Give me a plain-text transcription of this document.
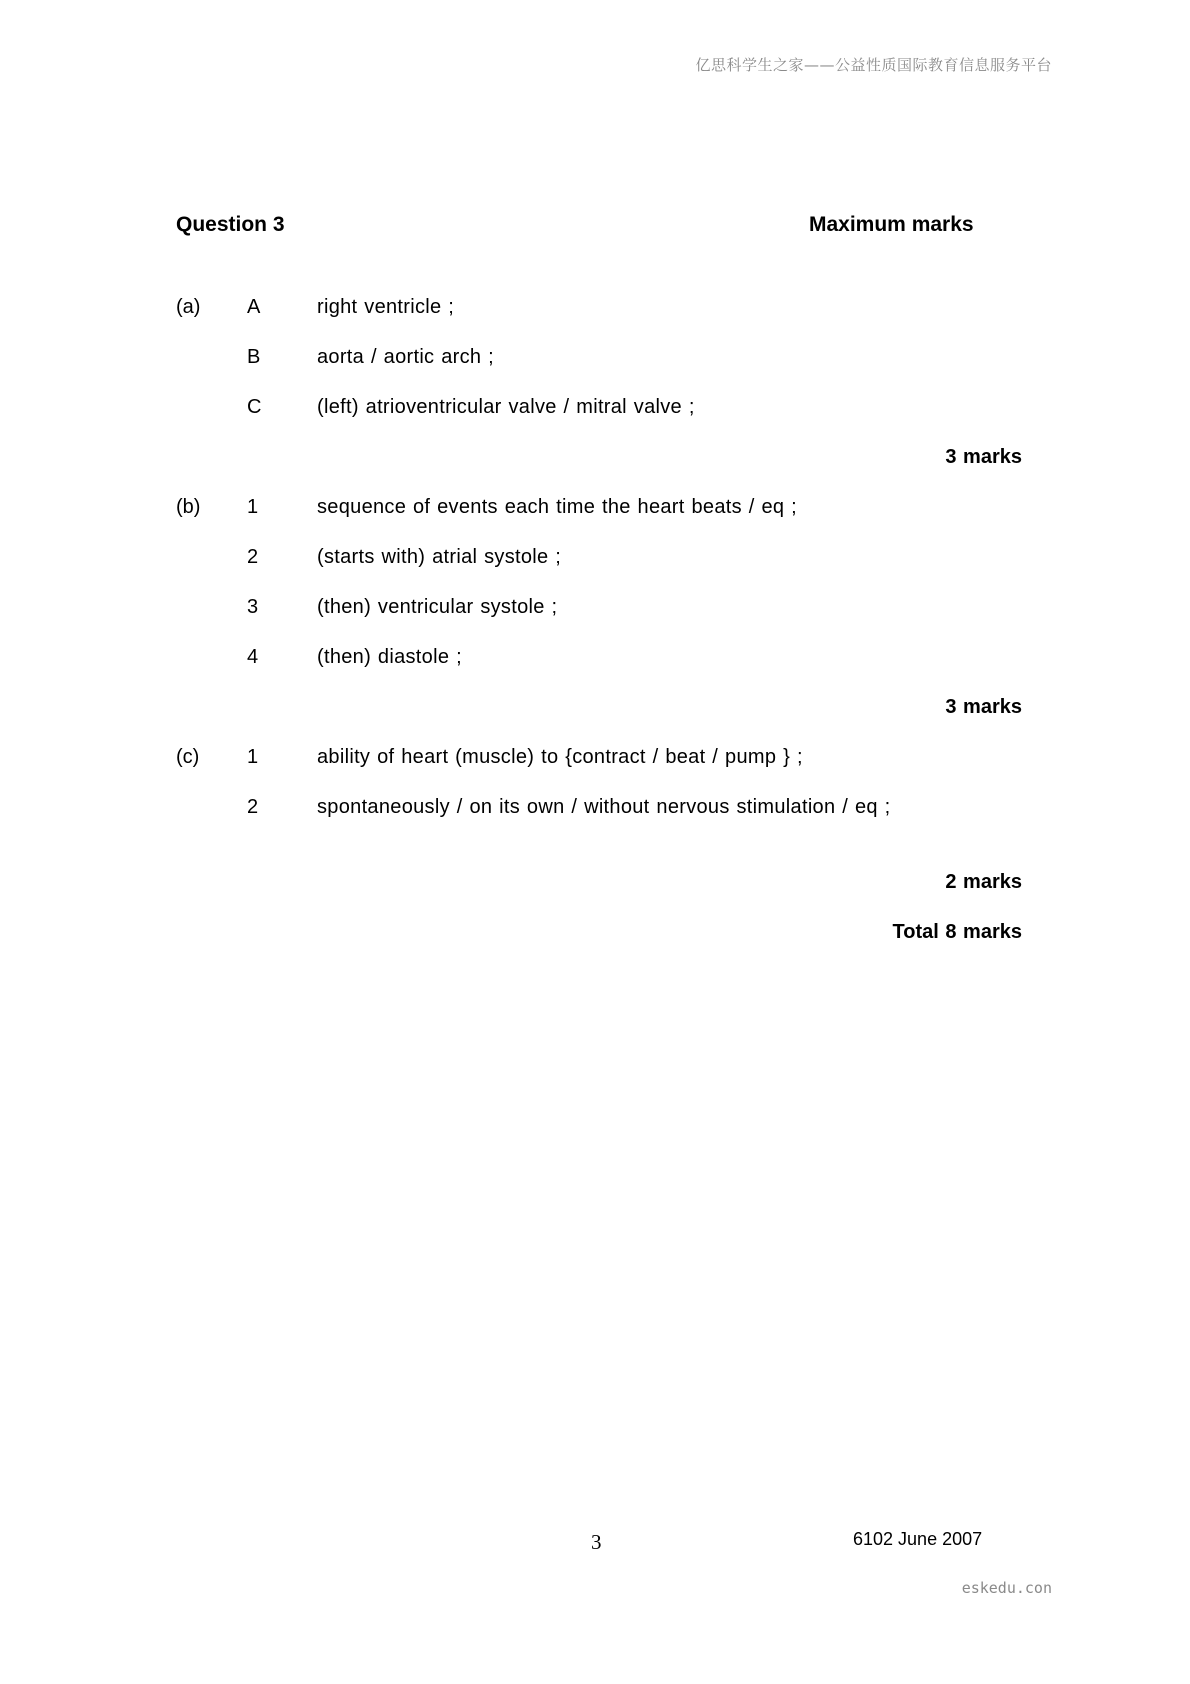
亿思科学生之家——公益性质国际教育信息服务平台
Question 3	Maximum marks
(a) A	right ventricle ;
B	aorta / aortic arch ;
C	(left) atrioventricular valve / mitral valve ;
3 marks
(b) 1	sequence of events each time the heart beats / eq ;
2	(starts with) atrial systole ;
3	(then) ventricular systole ;
4	(then) diastole ;
3 marks
(c) 1	ability of heart (muscle) to {contract / beat / pump } ;
2	spontaneously / on its own / without nervous stimulation / eq ;
2 marks
Total 8 marks
3	6102 June 2007
eskedu.con
